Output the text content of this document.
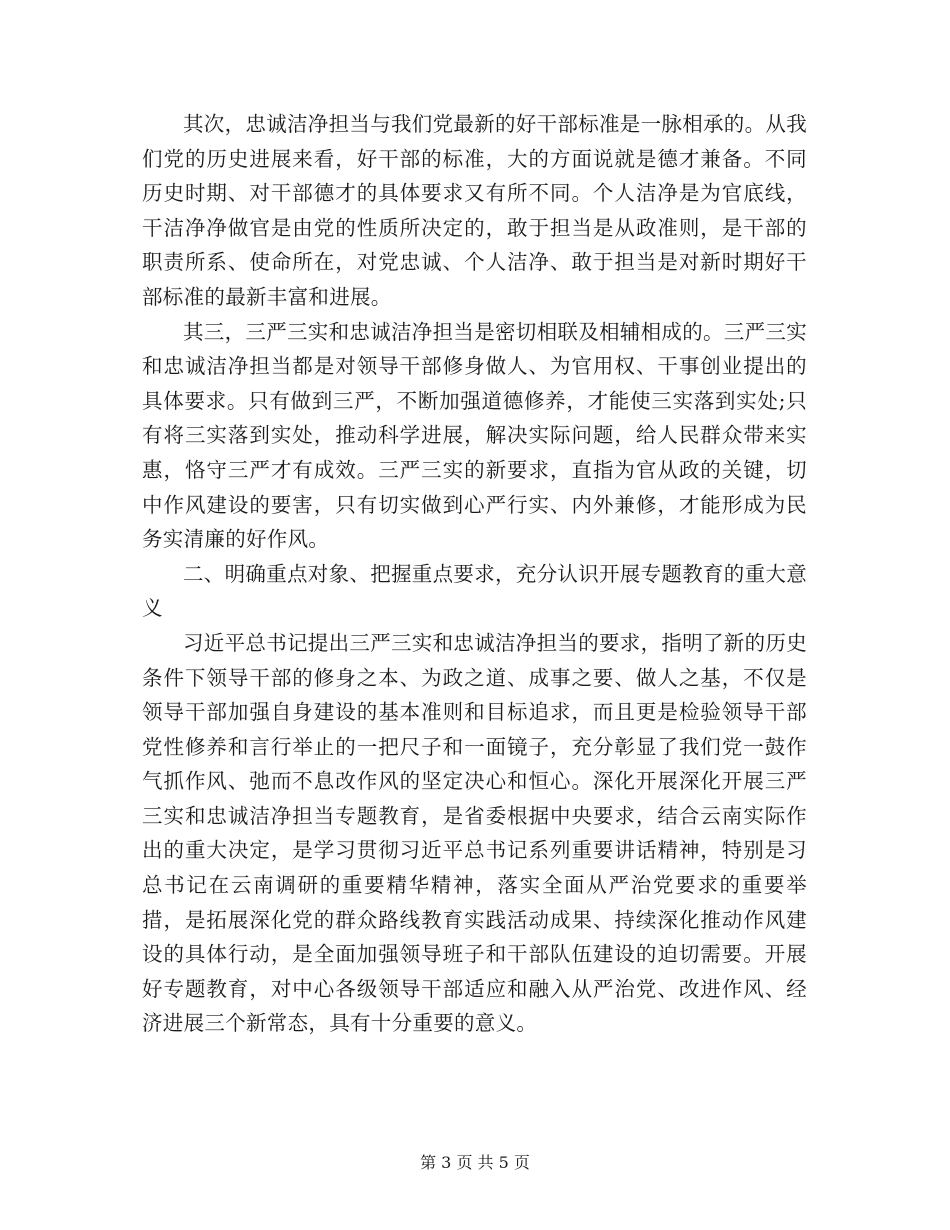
其次，忠诚洁净担当与我们党最新的好干部标准是一脉相承的。从我们党的历史进展来看，好干部的标准，大的方面说就是德才兼备。不同历史时期、对干部德才的具体要求又有所不同。个人洁净是为官底线，干洁净净做官是由党的性质所决定的，敢于担当是从政准则，是干部的职责所系、使命所在，对党忠诚、个人洁净、敢于担当是对新时期好干部标准的最新丰富和进展。

其三，三严三实和忠诚洁净担当是密切相联及相辅相成的。三严三实和忠诚洁净担当都是对领导干部修身做人、为官用权、干事创业提出的具体要求。只有做到三严，不断加强道德修养，才能使三实落到实处;只有将三实落到实处，推动科学进展，解决实际问题，给人民群众带来实惠，恪守三严才有成效。三严三实的新要求，直指为官从政的关键，切中作风建设的要害，只有切实做到心严行实、内外兼修，才能形成为民务实清廉的好作风。

二、明确重点对象、把握重点要求，充分认识开展专题教育的重大意义

习近平总书记提出三严三实和忠诚洁净担当的要求，指明了新的历史条件下领导干部的修身之本、为政之道、成事之要、做人之基，不仅是领导干部加强自身建设的基本准则和目标追求，而且更是检验领导干部党性修养和言行举止的一把尺子和一面镜子，充分彰显了我们党一鼓作气抓作风、弛而不息改作风的坚定决心和恒心。深化开展深化开展三严三实和忠诚洁净担当专题教育，是省委根据中央要求，结合云南实际作出的重大决定，是学习贯彻习近平总书记系列重要讲话精神，特别是习总书记在云南调研的重要精华精神，落实全面从严治党要求的重要举措，是拓展深化党的群众路线教育实践活动成果、持续深化推动作风建设的具体行动，是全面加强领导班子和干部队伍建设的迫切需要。开展好专题教育，对中心各级领导干部适应和融入从严治党、改进作风、经济进展三个新常态，具有十分重要的意义。

第 3 页 共 5 页
